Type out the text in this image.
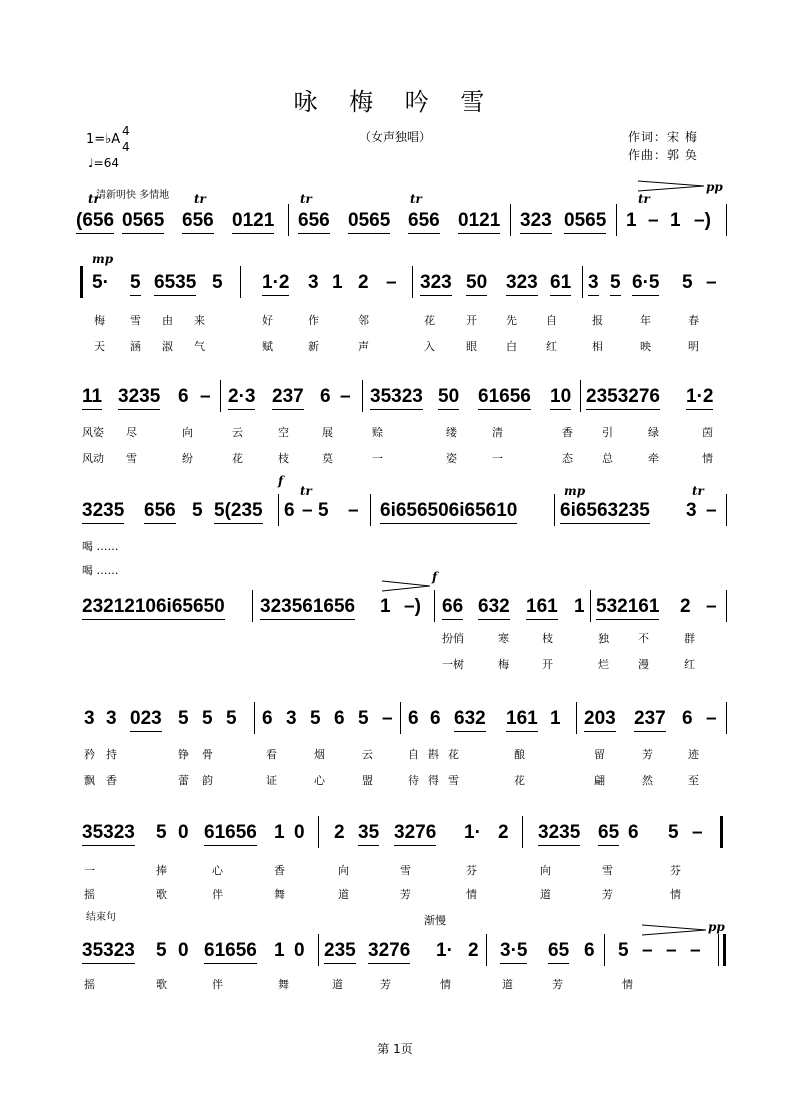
咏 梅 吟 雪
（女声独唱）	作词：宋 梅
作曲：郭 奂
1=♭A
4
4
♩=64
清新明快 多情地
tr	tr	tr	tr	tr
pp
(656 0565 656 0121 656 0565 656 0121 323 0565 1 – 1 –)
mp
5· 5 6535 5 1·2 3 1 2 – 323 50 323 61 3 5 6·5 5 –
梅 雪 由 来	好	作	邻	花	开	先	自	报	年	春
天 涵 淑 气	赋	新	声	入	眼	白	红	相	映	明
11 3235 6 – 2·3 237 6 – 35323 50 61656 10 2353276 1·2
风姿 尽	向	云	空	展	赊	缕	清	香	引	绿	茵
风动 雪	纷	花	枝	莫	一	姿	一	态	总	牵	情
f
tr	mp	tr
3235 656 5 5(235 6 – 5 – 6i656506i65610 6i6563235 3 –
喝 ……
喝 ……	f
23212106i65650 323561656 1 –) 66 632 161 1 532161 2 –
扮俏	寒	枝	独	不	群
一树	梅	开	烂	漫	红
3 3 023 5 5 5 6 3 5 6 5 – 6 6 632 161 1 203 237 6 –
矜 持	铮 骨	看	烟	云	自 斟 花	酿	留	芳	迹
飘 香	蕾 韵	证	心	盟	待 得 雪	花	翩	然	至
35323 5 0 61656 1 0 2 35 3276 1· 2 3235 65 6 5 –
一	捧	心	香	向	雪	芬	向	雪	芬
摇	歌	伴	舞	道	芳	情	道	芳	情
结束句	渐慢	pp
35323 5 0 61656 1 0 235 3276 1· 2 3·5 65 6 5 – – –
摇	歌	伴	舞	道	芳	情	道	芳	情
第 1页
